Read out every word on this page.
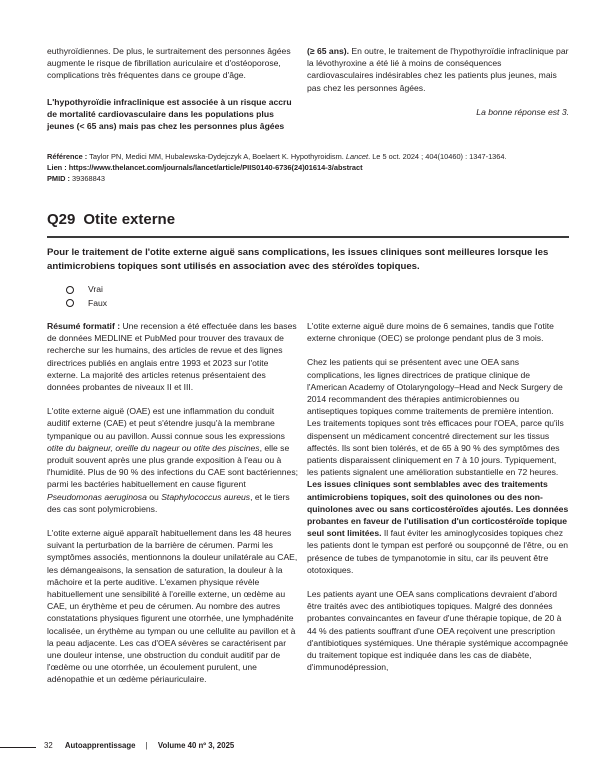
euthyroïdiennes. De plus, le surtraitement des personnes âgées augmente le risque de fibrillation auriculaire et d'ostéoporose, complications très fréquentes dans ce groupe d'âge.

L'hypothyroïdie infraclinique est associée à un risque accru de mortalité cardiovasculaire dans les populations plus jeunes (< 65 ans) mais pas chez les personnes plus âgées

(≥ 65 ans). En outre, le traitement de l'hypothyroïdie infraclinique par la lévothyroxine a été lié à moins de conséquences cardiovasculaires indésirables chez les patients plus jeunes, mais pas chez les personnes âgées.

La bonne réponse est 3.

Référence : Taylor PN, Medici MM, Hubalewska-Dydejczyk A, Boelaert K. Hypothyroidism. Lancet. Le 5 oct. 2024 ; 404(10460) : 1347-1364.
Lien : https://www.thelancet.com/journals/lancet/article/PIIS0140-6736(24)01614-3/abstract
PMID : 39368843
Q29 Otite externe
Pour le traitement de l'otite externe aiguë sans complications, les issues cliniques sont meilleures lorsque les antimicrobiens topiques sont utilisés en association avec des stéroïdes topiques.
Vrai
Faux

Résumé formatif : Une recension a été effectuée dans les bases de données MEDLINE et PubMed pour trouver des travaux de recherche sur les humains, des articles de revue et des lignes directrices publiés en anglais entre 1993 et 2023 sur l'otite externe. La majorité des articles retenus présentaient des données probantes de niveaux II et III.

L'otite externe aiguë (OAE) est une inflammation du conduit auditif externe (CAE) et peut s'étendre jusqu'à la membrane tympanique ou au pavillon. Aussi connue sous les expressions otite du baigneur, oreille du nageur ou otite des piscines, elle se produit souvent après une plus grande exposition à l'eau ou à l'humidité. Plus de 90 % des infections du CAE sont bactériennes; parmi les bactéries habituellement en cause figurent Pseudomonas aeruginosa ou Staphylococcus aureus, et le tiers des cas sont polymicrobiens.

L'otite externe aiguë apparaît habituellement dans les 48 heures suivant la perturbation de la barrière de cérumen. Parmi les symptômes associés, mentionnons la douleur unilatérale au CAE, les démangeaisons, la sensation de saturation, la douleur à la mâchoire et la perte auditive. L'examen physique révèle habituellement une sensibilité à l'oreille externe, un œdème au CAE, un érythème et peu de cérumen. Au nombre des autres constatations physiques figurent une otorrhée, une lymphadénite localisée, un érythème au tympan ou une cellulite au pavillon et à la peau adjacente. Les cas d'OEA sévères se caractérisent par une douleur intense, une obstruction du conduit auditif par de l'œdème ou une otorrhée, un écoulement purulent, une adénopathie et un œdème périauriculaire.

L'otite externe aiguë dure moins de 6 semaines, tandis que l'otite externe chronique (OEC) se prolonge pendant plus de 3 mois.

Chez les patients qui se présentent avec une OEA sans complications, les lignes directrices de pratique clinique de l'American Academy of Otolaryngology–Head and Neck Surgery de 2014 recommandent des thérapies antimicrobiennes ou antiseptiques topiques comme traitements de première intention. Les traitements topiques sont très efficaces pour l'OEA, parce qu'ils dispensent un médicament concentré directement sur les tissus affectés. Ils sont bien tolérés, et de 65 à 90 % des symptômes des patients disparaissent cliniquement en 7 à 10 jours. Typiquement, les patients signalent une amélioration substantielle en 72 heures. Les issues cliniques sont semblables avec des traitements antimicrobiens topiques, soit des quinolones ou des non-quinolones avec ou sans corticostéroïdes ajoutés. Les données probantes en faveur de l'utilisation d'un corticostéroïde topique seul sont limitées. Il faut éviter les aminoglycosides topiques chez les patients dont le tympan est perforé ou soupçonné de l'être, ou en présence de tubes de tympanotomie in situ, car ils peuvent être ototoxiques.

Les patients ayant une OEA sans complications devraient d'abord être traités avec des antibiotiques topiques. Malgré des données probantes convaincantes en faveur d'une thérapie topique, de 20 à 44 % des patients souffrant d'une OEA reçoivent une prescription d'antibiotiques systémiques. Une thérapie systémique accompagnée du traitement topique est indiquée dans les cas de diabète, d'immunodépression,

32 Autoapprentissage | Volume 40 nº 3, 2025
